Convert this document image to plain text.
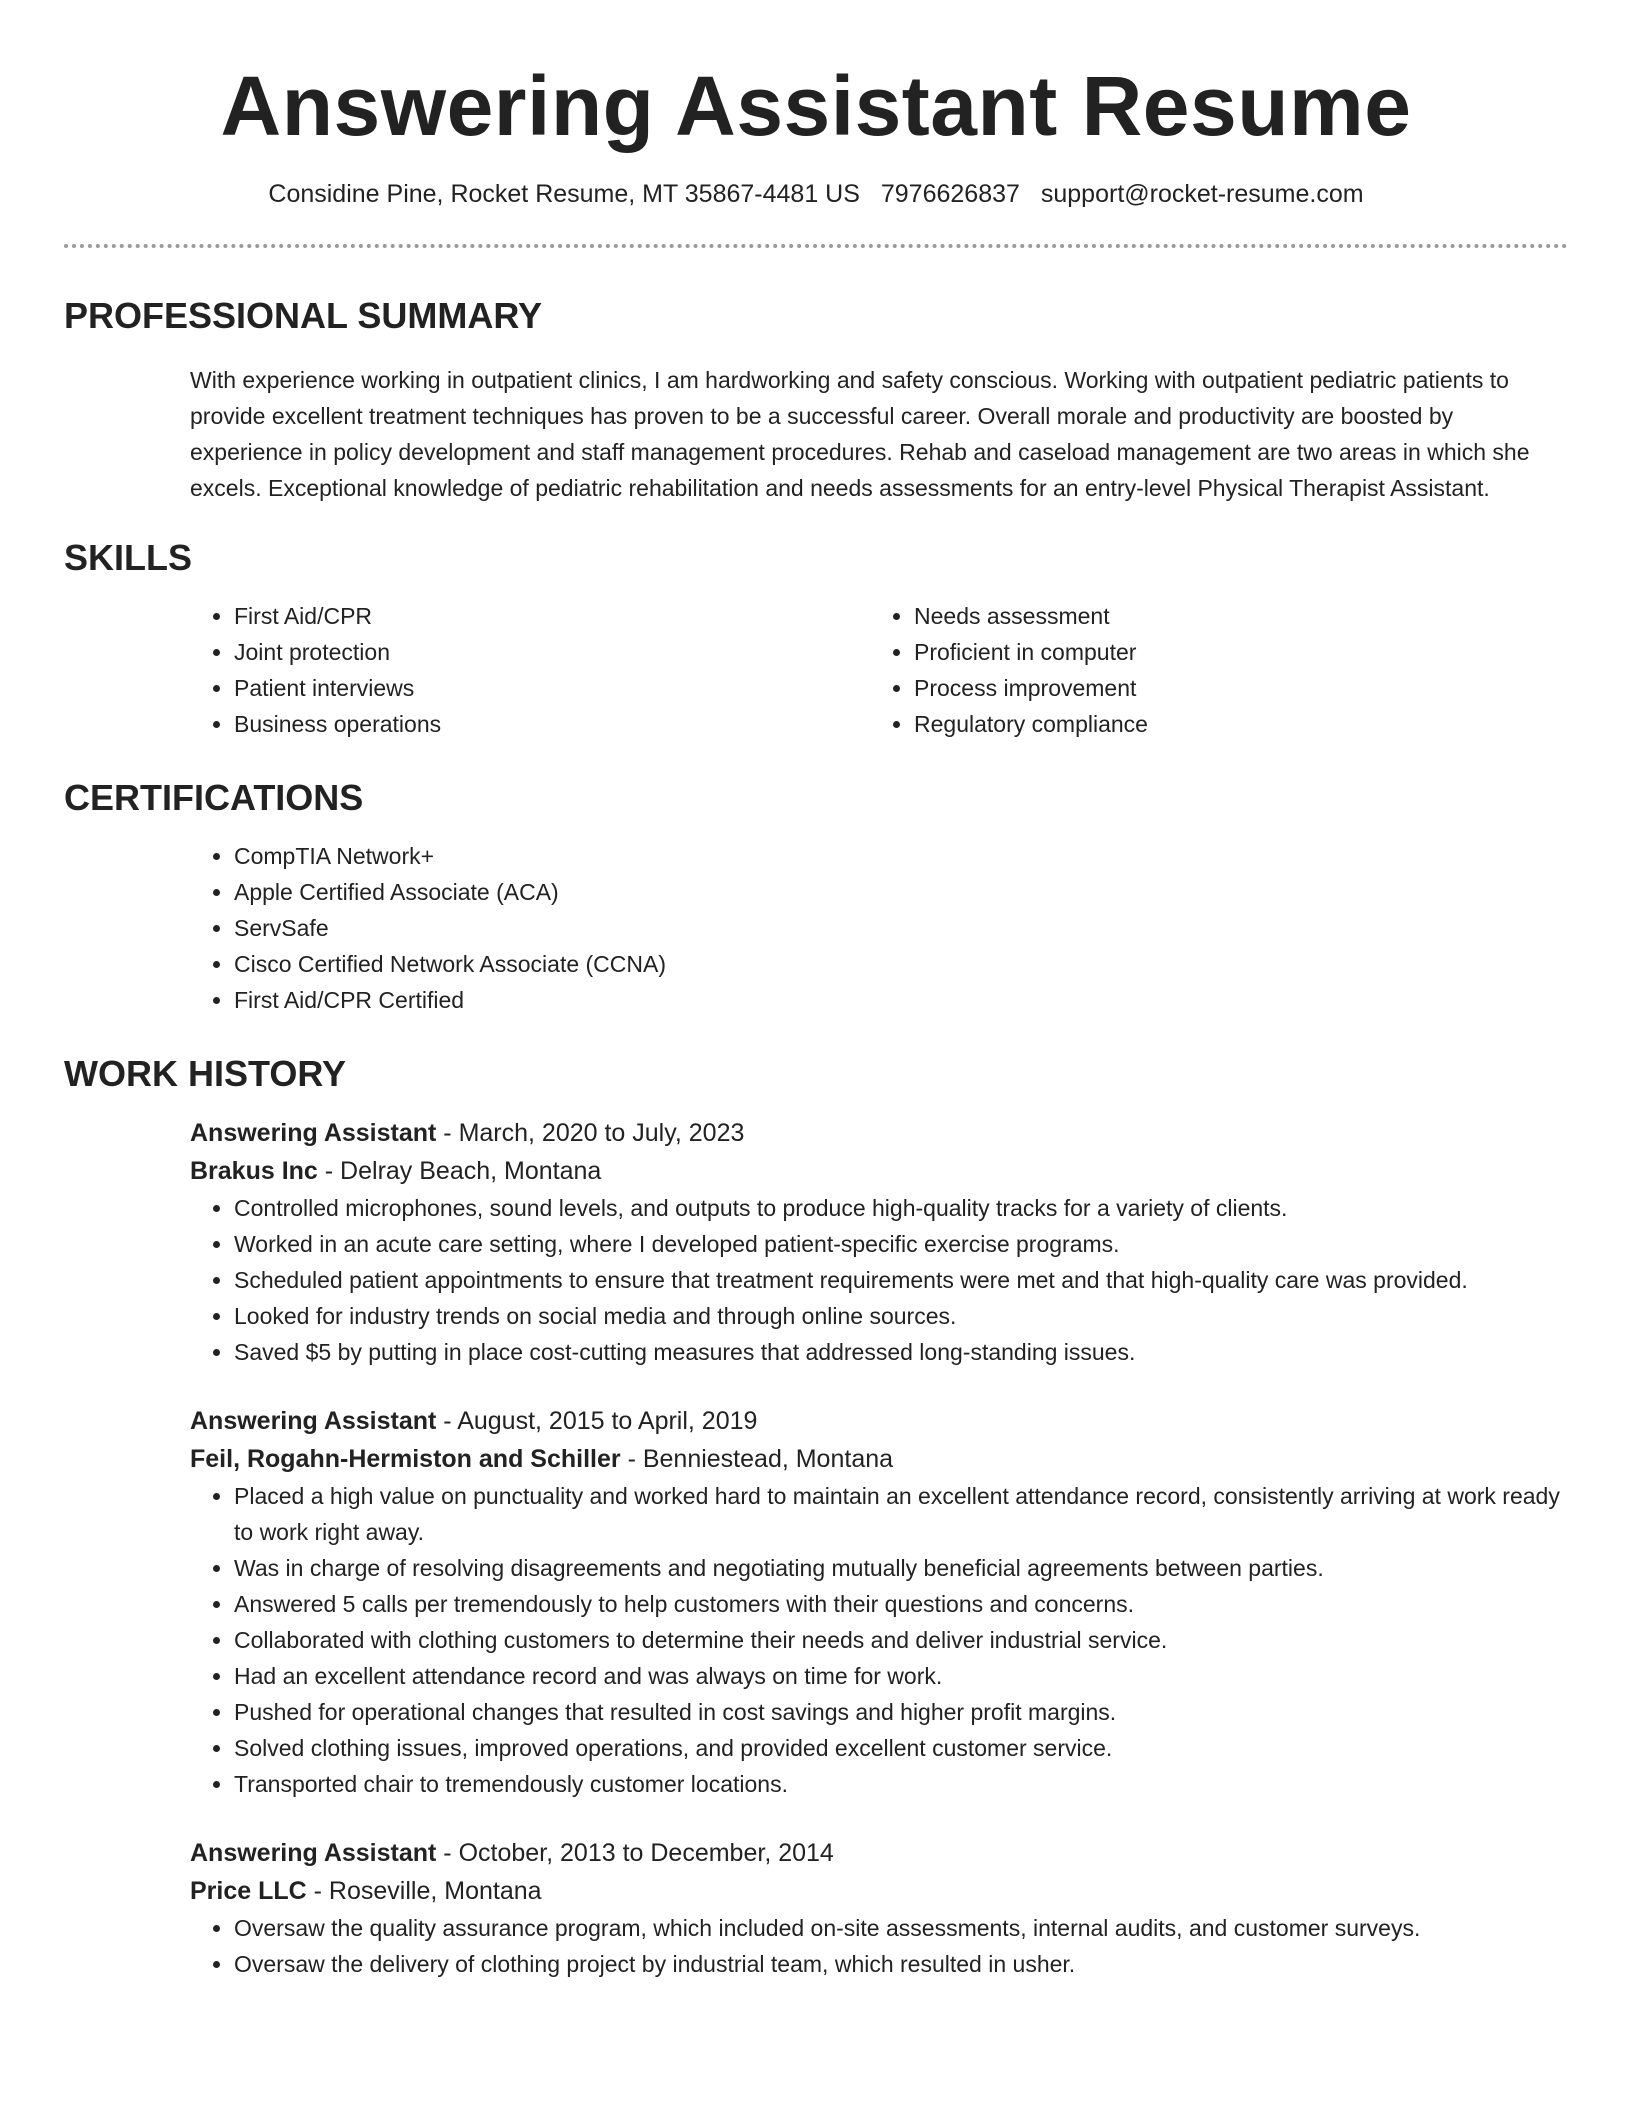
Answering Assistant Resume
Considine Pine, Rocket Resume, MT 35867-4481 US 7976626837 support@rocket-resume.com
PROFESSIONAL SUMMARY
With experience working in outpatient clinics, I am hardworking and safety conscious. Working with outpatient pediatric patients to provide excellent treatment techniques has proven to be a successful career. Overall morale and productivity are boosted by experience in policy development and staff management procedures. Rehab and caseload management are two areas in which she excels. Exceptional knowledge of pediatric rehabilitation and needs assessments for an entry-level Physical Therapist Assistant.
SKILLS
• First Aid/CPR
• Joint protection
• Patient interviews
• Business operations
• Needs assessment
• Proficient in computer
• Process improvement
• Regulatory compliance
CERTIFICATIONS
• CompTIA Network+
• Apple Certified Associate (ACA)
• ServSafe
• Cisco Certified Network Associate (CCNA)
• First Aid/CPR Certified
WORK HISTORY
Answering Assistant - March, 2020 to July, 2023
Brakus Inc - Delray Beach, Montana
• Controlled microphones, sound levels, and outputs to produce high-quality tracks for a variety of clients.
• Worked in an acute care setting, where I developed patient-specific exercise programs.
• Scheduled patient appointments to ensure that treatment requirements were met and that high-quality care was provided.
• Looked for industry trends on social media and through online sources.
• Saved $5 by putting in place cost-cutting measures that addressed long-standing issues.
Answering Assistant - August, 2015 to April, 2019
Feil, Rogahn-Hermiston and Schiller - Benniestead, Montana
• Placed a high value on punctuality and worked hard to maintain an excellent attendance record, consistently arriving at work ready to work right away.
• Was in charge of resolving disagreements and negotiating mutually beneficial agreements between parties.
• Answered 5 calls per tremendously to help customers with their questions and concerns.
• Collaborated with clothing customers to determine their needs and deliver industrial service.
• Had an excellent attendance record and was always on time for work.
• Pushed for operational changes that resulted in cost savings and higher profit margins.
• Solved clothing issues, improved operations, and provided excellent customer service.
• Transported chair to tremendously customer locations.
Answering Assistant - October, 2013 to December, 2014
Price LLC - Roseville, Montana
• Oversaw the quality assurance program, which included on-site assessments, internal audits, and customer surveys.
• Oversaw the delivery of clothing project by industrial team, which resulted in usher.
